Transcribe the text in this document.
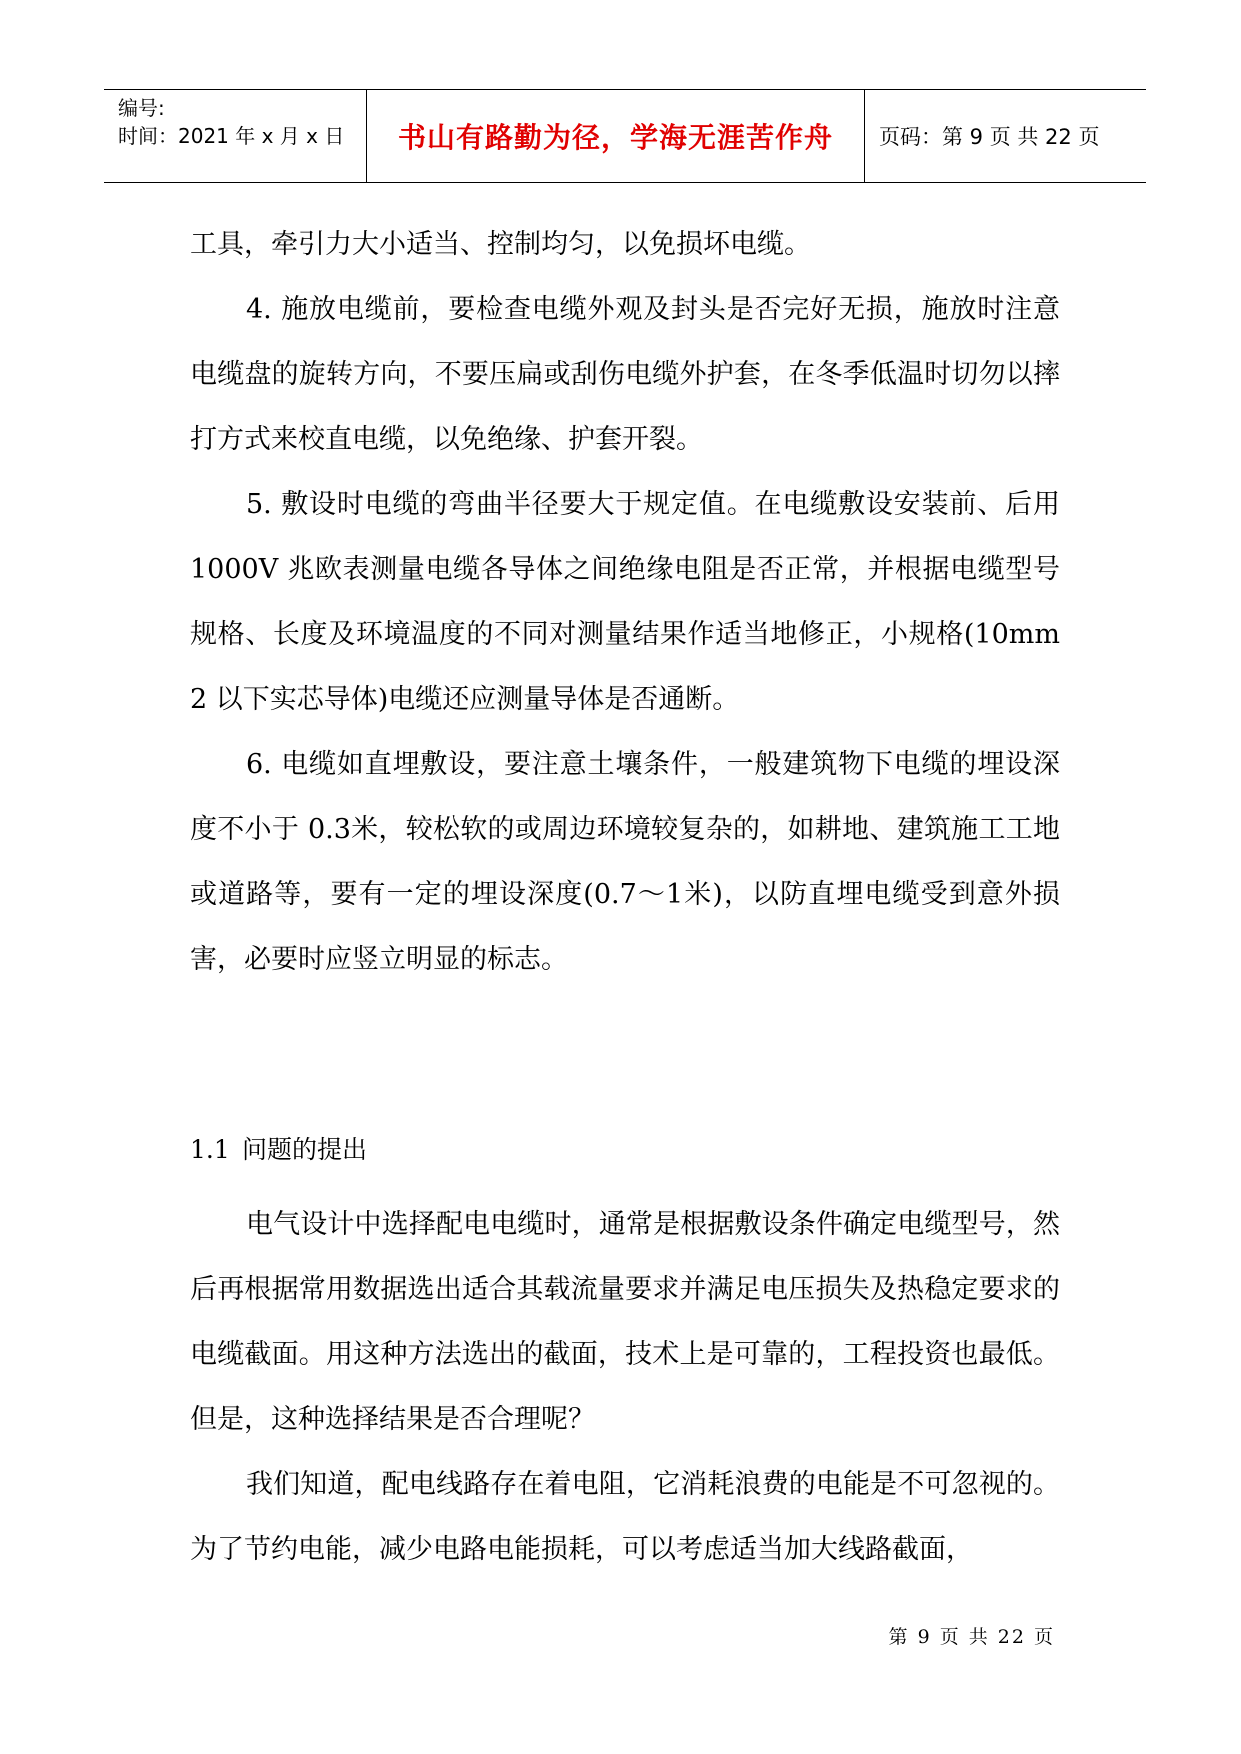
编号:
时间：2021 年 x 月 x 日	书山有路勤为径，学海无涯苦作舟 页码：第 9 页 共 22 页

工具，牵引力大小适当、控制均匀，以免损坏电缆。

4. 施放电缆前，要检查电缆外观及封头是否完好无损，施放时注意电缆盘的旋转方向，不要压扁或刮伤电缆外护套，在冬季低温时切勿以摔打方式来校直电缆，以免绝缘、护套开裂。

5. 敷设时电缆的弯曲半径要大于规定值。在电缆敷设安装前、后用 1000V 兆欧表测量电缆各导体之间绝缘电阻是否正常，并根据电缆型号规格、长度及环境温度的不同对测量结果作适当地修正，小规格(10mm 2 以下实芯导体)电缆还应测量导体是否通断。

6. 电缆如直埋敷设，要注意土壤条件，一般建筑物下电缆的埋设深度不小于 0.3米，较松软的或周边环境较复杂的，如耕地、建筑施工工地或道路等，要有一定的埋设深度(0.7～1米)，以防直埋电缆受到意外损害，必要时应竖立明显的标志。

1.1 问题的提出

电气设计中选择配电电缆时，通常是根据敷设条件确定电缆型号，然后再根据常用数据选出适合其载流量要求并满足电压损失及热稳定要求的电缆截面。用这种方法选出的截面，技术上是可靠的，工程投资也最低。但是，这种选择结果是否合理呢？

我们知道，配电线路存在着电阻，它消耗浪费的电能是不可忽视的。为了节约电能，减少电路电能损耗，可以考虑适当加大线路截面，

第 9 页 共 22 页
